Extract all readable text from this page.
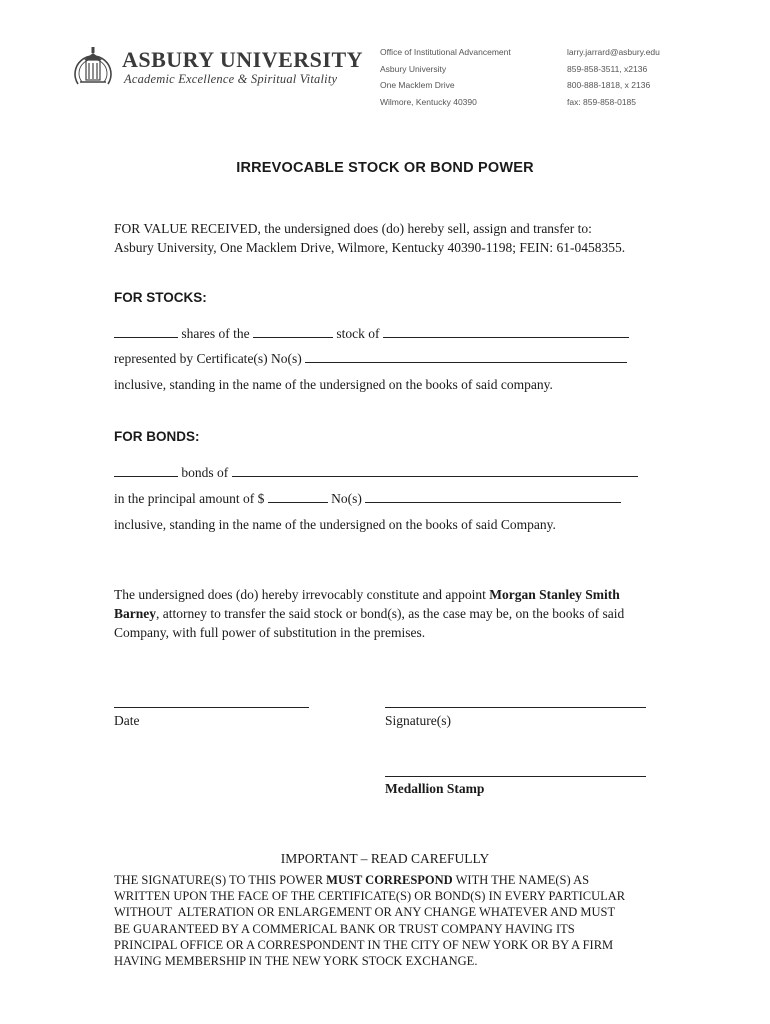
ASBURY UNIVERSITY
Academic Excellence & Spiritual Vitality
Office of Institutional Advancement
Asbury University
One Macklem Drive
Wilmore, Kentucky 40390
larry.jarrard@asbury.edu
859-858-3511, x2136
800-888-1818, x 2136
fax: 859-858-0185
IRREVOCABLE STOCK OR BOND POWER
FOR VALUE RECEIVED, the undersigned does (do) hereby sell, assign and transfer to:
Asbury University, One Macklem Drive, Wilmore, Kentucky 40390-1198; FEIN: 61-0458355.
FOR STOCKS:
shares of the	stock of
represented by Certificate(s) No(s)
inclusive, standing in the name of the undersigned on the books of said company.
FOR BONDS:
bonds of
in the principal amount of $	No(s)
inclusive, standing in the name of the undersigned on the books of said Company.
The undersigned does (do) hereby irrevocably constitute and appoint Morgan Stanley Smith
Barney, attorney to transfer the said stock or bond(s), as the case may be, on the books of said
Company, with full power of substitution in the premises.
Date	Signature(s)
Medallion Stamp
IMPORTANT – READ CAREFULLY
THE SIGNATURE(S) TO THIS POWER MUST CORRESPOND WITH THE NAME(S) AS
WRITTEN UPON THE FACE OF THE CERTIFICATE(S) OR BOND(S) IN EVERY PARTICULAR
WITHOUT  ALTERATION OR ENLARGEMENT OR ANY CHANGE WHATEVER AND MUST
BE GUARANTEED BY A COMMERICAL BANK OR TRUST COMPANY HAVING ITS
PRINCIPAL OFFICE OR A CORRESPONDENT IN THE CITY OF NEW YORK OR BY A FIRM
HAVING MEMBERSHIP IN THE NEW YORK STOCK EXCHANGE.
